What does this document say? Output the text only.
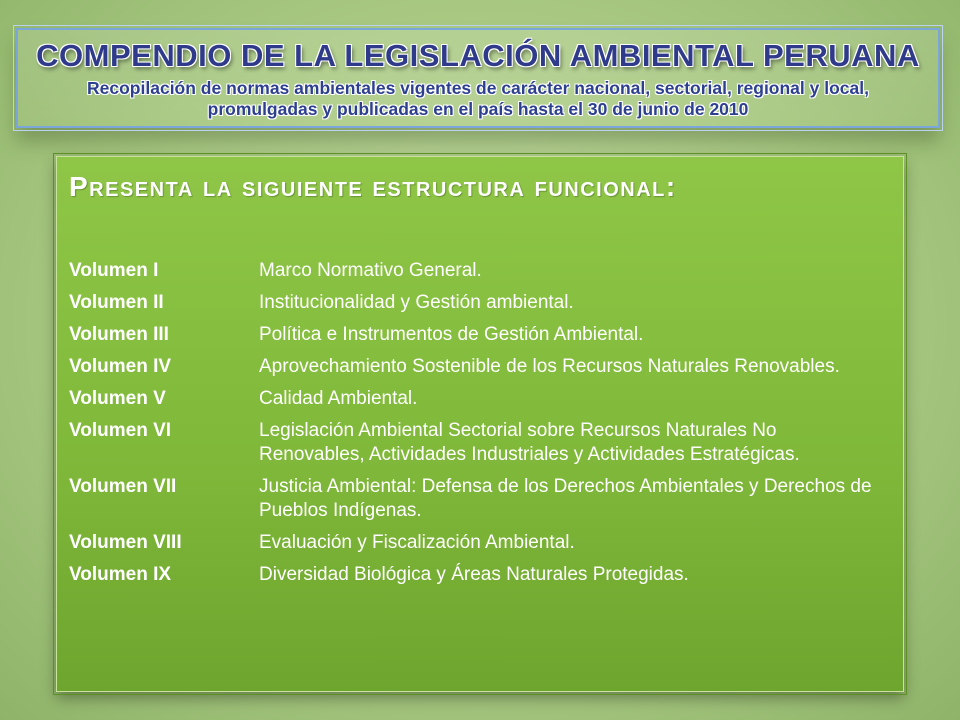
COMPENDIO DE LA LEGISLACIÓN AMBIENTAL PERUANA
Recopilación de normas ambientales vigentes de carácter nacional, sectorial, regional y local,
promulgadas y publicadas en el país hasta el 30 de junio de 2010
Presenta la siguiente estructura funcional:
Volumen I	Marco Normativo General.
Volumen II	Institucionalidad y Gestión ambiental.
Volumen III	Política e Instrumentos de Gestión Ambiental.
Volumen IV	Aprovechamiento Sostenible de los Recursos Naturales Renovables.
Volumen V	Calidad Ambiental.
Volumen VI	Legislación Ambiental Sectorial sobre Recursos Naturales No Renovables, Actividades Industriales y Actividades Estratégicas.
Volumen VII	Justicia Ambiental: Defensa de los Derechos Ambientales y Derechos de Pueblos Indígenas.
Volumen VIII	Evaluación y Fiscalización Ambiental.
Volumen IX	Diversidad Biológica y Áreas Naturales Protegidas.
